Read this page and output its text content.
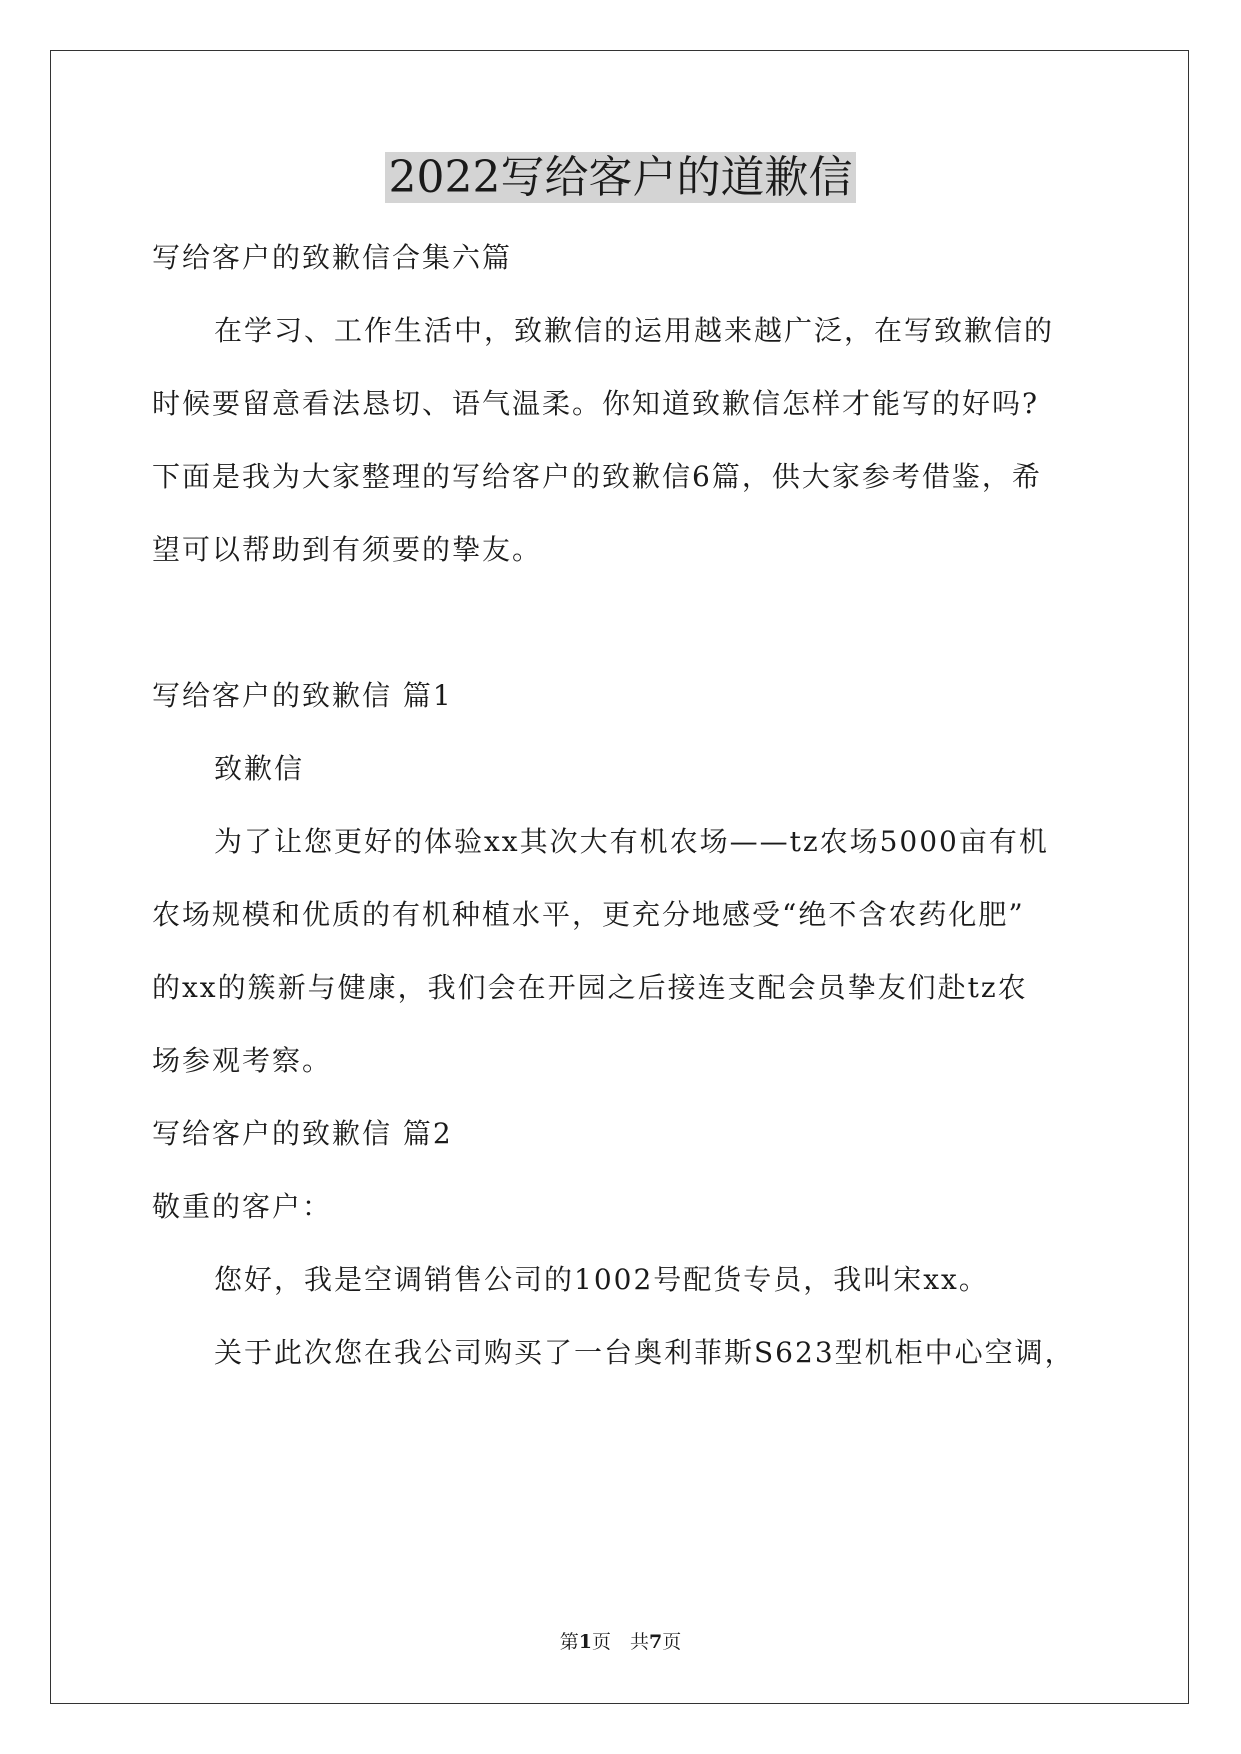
2022写给客户的道歉信
写给客户的致歉信合集六篇
在学习、工作生活中，致歉信的运用越来越广泛，在写致歉信的
时候要留意看法恳切、语气温柔。你知道致歉信怎样才能写的好吗?
下面是我为大家整理的写给客户的致歉信6篇，供大家参考借鉴，希
望可以帮助到有须要的挚友。
写给客户的致歉信 篇1
致歉信
为了让您更好的体验xx其次大有机农场——tz农场5000亩有机
农场规模和优质的有机种植水平，更充分地感受“绝不含农药化肥”
的xx的簇新与健康，我们会在开园之后接连支配会员挚友们赴tz农
场参观考察。
写给客户的致歉信 篇2
敬重的客户：
您好，我是空调销售公司的1002号配货专员，我叫宋xx。
关于此次您在我公司购买了一台奥利菲斯S623型机柜中心空调，
第1页　共7页
